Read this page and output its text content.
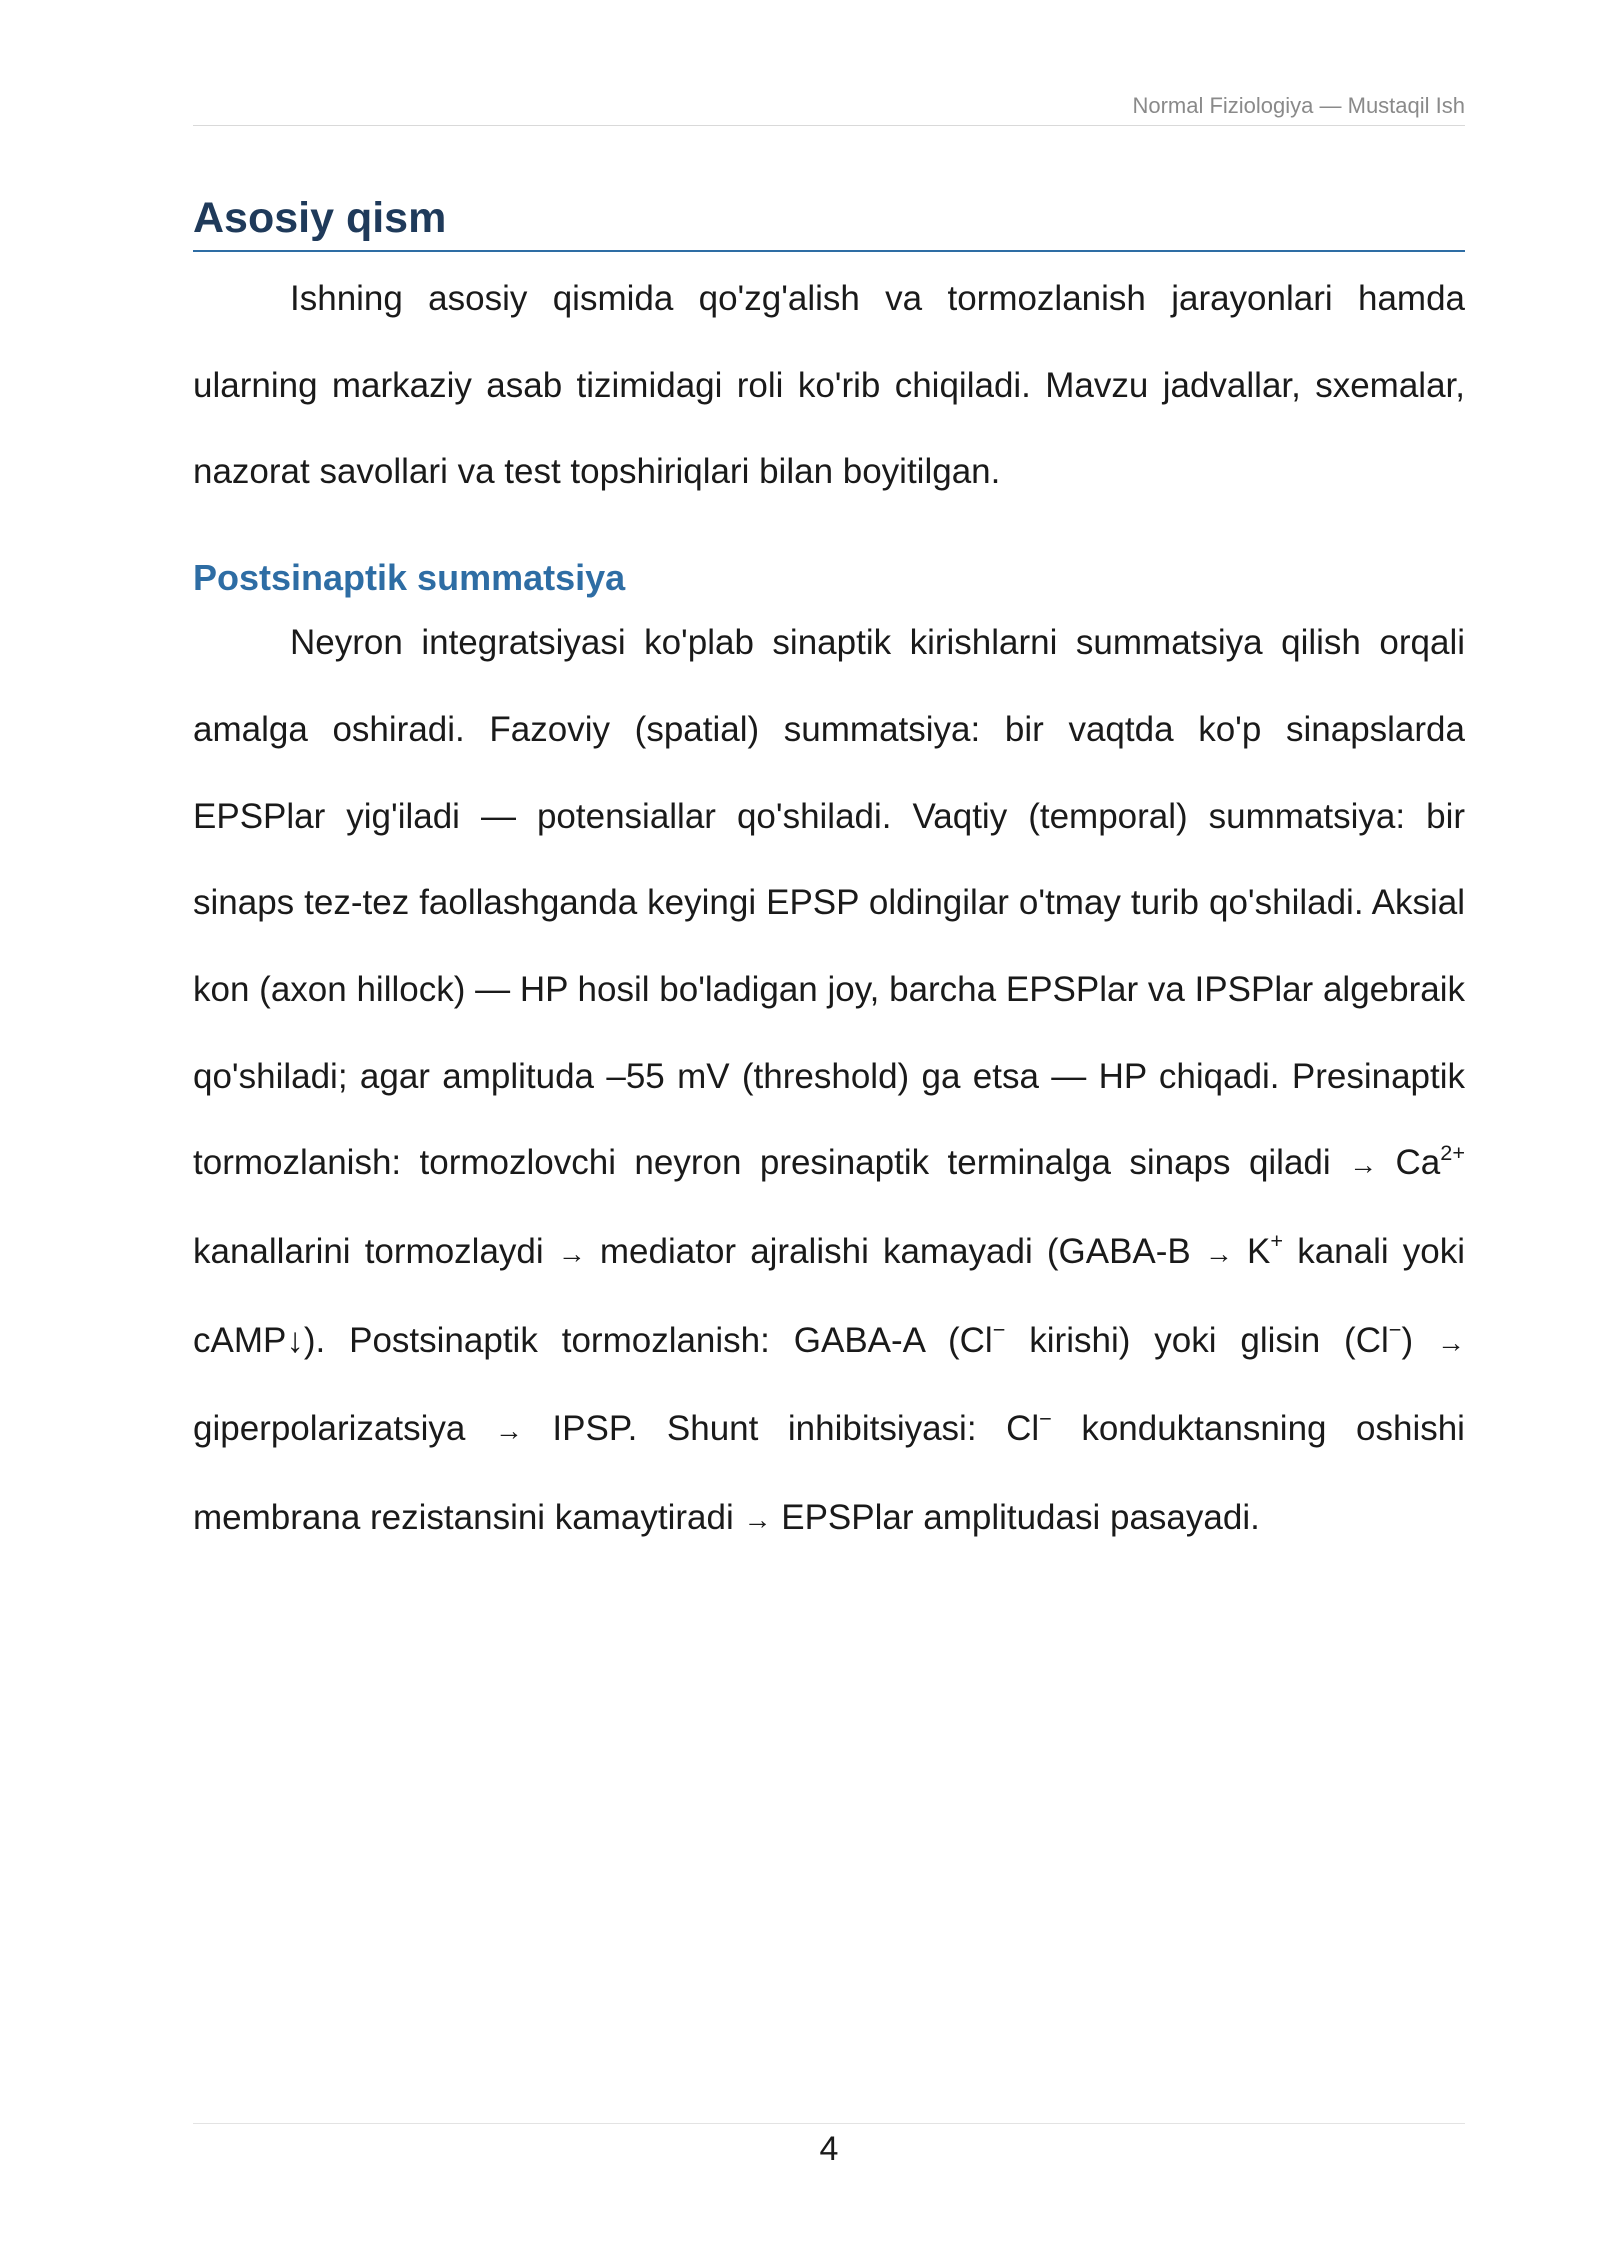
Normal Fiziologiya — Mustaqil Ish
Asosiy qism

Ishning asosiy qismida qo'zg'alish va tormozlanish jarayonlari hamda ularning markaziy asab tizimidagi roli ko'rib chiqiladi. Mavzu jadvallar, sxemalar, nazorat savollari va test topshiriqlari bilan boyitilgan.

Postsinaptik summatsiya

Neyron integratsiyasi ko'plab sinaptik kirishlarni summatsiya qilish orqali amalga oshiradi. Fazoviy (spatial) summatsiya: bir vaqtda ko'p sinapslarda EPSPlar yig'iladi — potensiallar qo'shiladi. Vaqtiy (temporal) summatsiya: bir sinaps tez-tez faollashganda keyingi EPSP oldingilar o'tmay turib qo'shiladi. Aksial kon (axon hillock) — HP hosil bo'ladigan joy, barcha EPSPlar va IPSPlar algebraik qo'shiladi; agar amplituda –55 mV (threshold) ga etsa — HP chiqadi. Presinaptik tormozlanish: tormozlovchi neyron presinaptik terminalga sinaps qiladi → $Ca^{2+}$ kanallarini tormozlaydi → mediator ajralishi kamayadi (GABA-B → K+ kanali yoki cAMP↓). Postsinaptik tormozlanish: GABA-A (Cl− kirishi) yoki glisin (Cl−) → giperpolarizatsiya → IPSP. Shunt inhibitsiyasi: Cl− konduktansning oshishi membrana rezistansini kamaytiradi → EPSPlar amplitudasi pasayadi.

4
